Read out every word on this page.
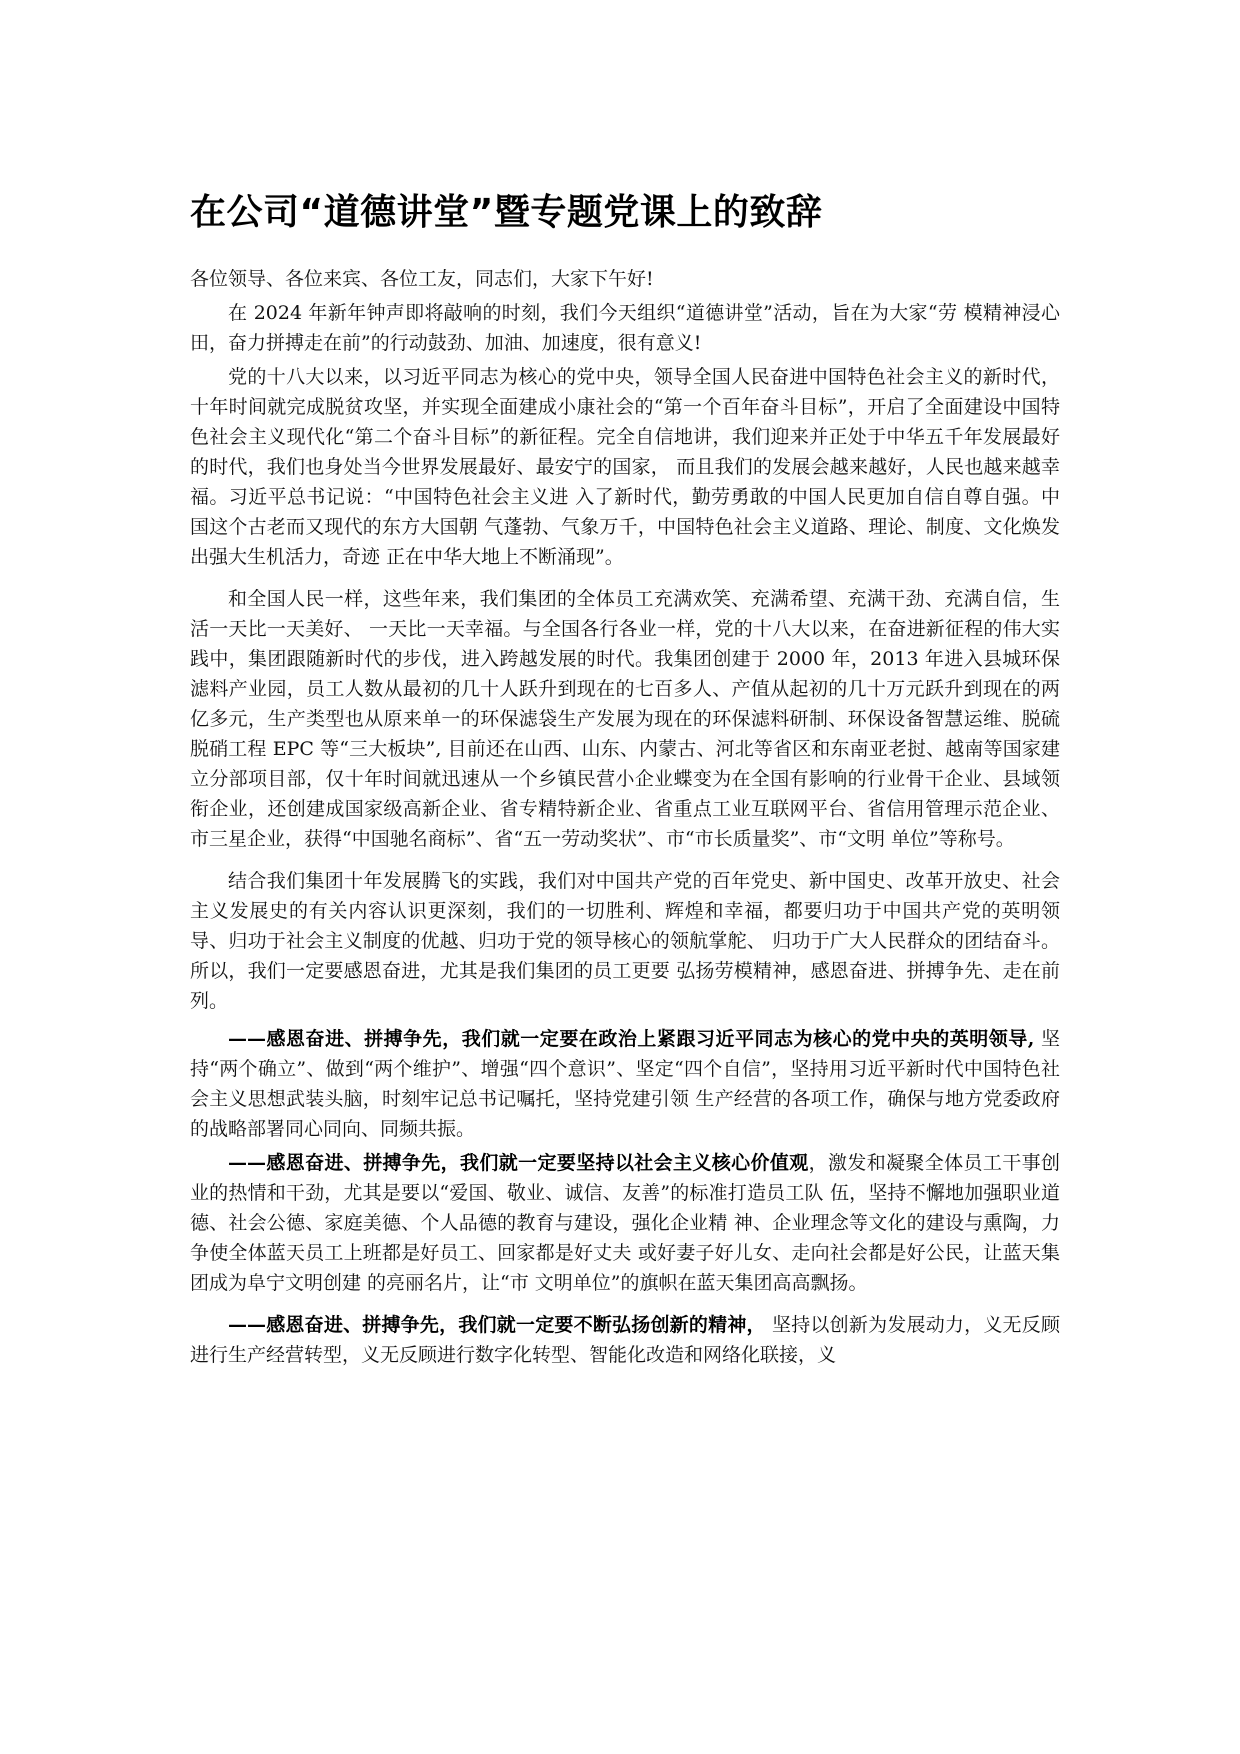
在公司“道德讲堂”暨专题党课上的致辞

各位领导、各位来宾、各位工友，同志们，大家下午好!

在 2024 年新年钟声即将敲响的时刻，我们今天组织“道德讲堂”活动，旨在为大家“劳 模精神浸心田，奋力拼搏走在前”的行动鼓劲、加油、加速度，很有意义!

党的十八大以来，以习近平同志为核心的党中央，领导全国人民奋进中国特色社会主义的新时代，十年时间就完成脱贫攻坚，并实现全面建成小康社会的“第一个百年奋斗目标”，开启了全面建设中国特色社会主义现代化“第二个奋斗目标”的新征程。完全自信地讲，我们迎来并正处于中华五千年发展最好的时代，我们也身处当今世界发展最好、最安宁的国家， 而且我们的发展会越来越好，人民也越来越幸福。习近平总书记说：“中国特色社会主义进 入了新时代，勤劳勇敢的中国人民更加自信自尊自强。中国这个古老而又现代的东方大国朝 气蓬勃、气象万千，中国特色社会主义道路、理论、制度、文化焕发出强大生机活力，奇迹 正在中华大地上不断涌现”。

和全国人民一样，这些年来，我们集团的全体员工充满欢笑、充满希望、充满干劲、充满自信，生活一天比一天美好、 一天比一天幸福。与全国各行各业一样，党的十八大以来，在奋进新征程的伟大实践中，集团跟随新时代的步伐，进入跨越发展的时代。我集团创建于 2000 年，2013 年进入县城环保滤料产业园，员工人数从最初的几十人跃升到现在的七百多人、产值从起初的几十万元跃升到现在的两亿多元，生产类型也从原来单一的环保滤袋生产发展为现在的环保滤料研制、环保设备智慧运维、脱硫脱硝工程 EPC 等“三大板块”, 目前还在山西、山东、内蒙古、河北等省区和东南亚老挝、越南等国家建立分部项目部，仅十年时间就迅速从一个乡镇民营小企业蝶变为在全国有影响的行业骨干企业、县域领衔企业，还创建成国家级高新企业、省专精特新企业、省重点工业互联网平台、省信用管理示范企业、 市三星企业，获得“中国驰名商标”、省“五一劳动奖状”、市“市长质量奖”、市“文明 单位”等称号。

结合我们集团十年发展腾飞的实践，我们对中国共产党的百年党史、新中国史、改革开放史、社会主义发展史的有关内容认识更深刻，我们的一切胜利、辉煌和幸福，都要归功于中国共产党的英明领导、归功于社会主义制度的优越、归功于党的领导核心的领航掌舵、 归功于广大人民群众的团结奋斗。所以，我们一定要感恩奋进，尤其是我们集团的员工更要 弘扬劳模精神，感恩奋进、拼搏争先、走在前列。

——感恩奋进、拼搏争先，我们就一定要在政治上紧跟习近平同志为核心的党中央的英明领导, 坚持“两个确立”、做到“两个维护”、增强“四个意识”、坚定“四个自信”，坚持用习近平新时代中国特色社会主义思想武装头脑，时刻牢记总书记嘱托，坚持党建引领 生产经营的各项工作，确保与地方党委政府的战略部署同心同向、同频共振。

——感恩奋进、拼搏争先，我们就一定要坚持以社会主义核心价值观，激发和凝聚全体员工干事创业的热情和干劲，尤其是要以“爱国、敬业、诚信、友善”的标准打造员工队 伍，坚持不懈地加强职业道德、社会公德、家庭美德、个人品德的教育与建设，强化企业精 神、企业理念等文化的建设与熏陶，力争使全体蓝天员工上班都是好员工、回家都是好丈夫 或好妻子好儿女、走向社会都是好公民，让蓝天集团成为阜宁文明创建 的亮丽名片，让“市 文明单位”的旗帜在蓝天集团高高飘扬。

——感恩奋进、拼搏争先，我们就一定要不断弘扬创新的精神， 坚持以创新为发展动力，义无反顾进行生产经营转型，义无反顾进行数字化转型、智能化改造和网络化联接，义
